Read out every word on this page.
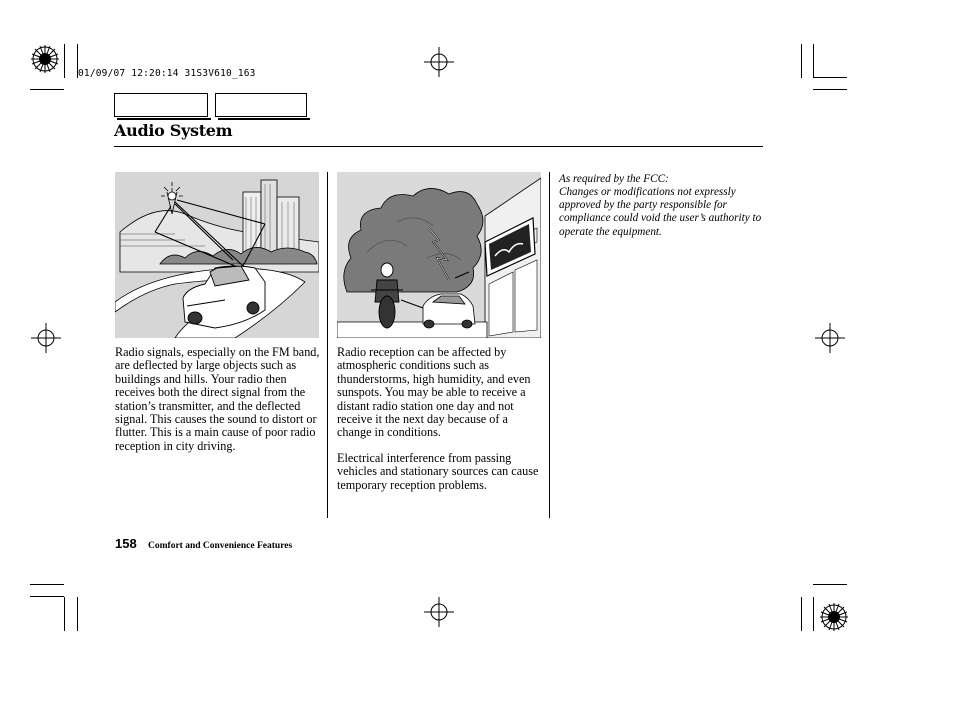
01/09/07 12:20:14 31S3V610_163
Audio System

Radio signals, especially on the FM band, are deflected by large objects such as buildings and hills. Your radio then receives both the direct signal from the station’s transmitter, and the deflected signal. This causes the sound to distort or flutter. This is a main cause of poor radio reception in city driving.

Radio reception can be affected by atmospheric conditions such as thunderstorms, high humidity, and even sunspots. You may be able to receive a distant radio station one day and not receive it the next day because of a change in conditions.

Electrical interference from passing vehicles and stationary sources can cause temporary reception problems.

As required by the FCC:

Changes or modifications not expressly approved by the party responsible for compliance could void the user’s authority to operate the equipment.

158 Comfort and Convenience Features
